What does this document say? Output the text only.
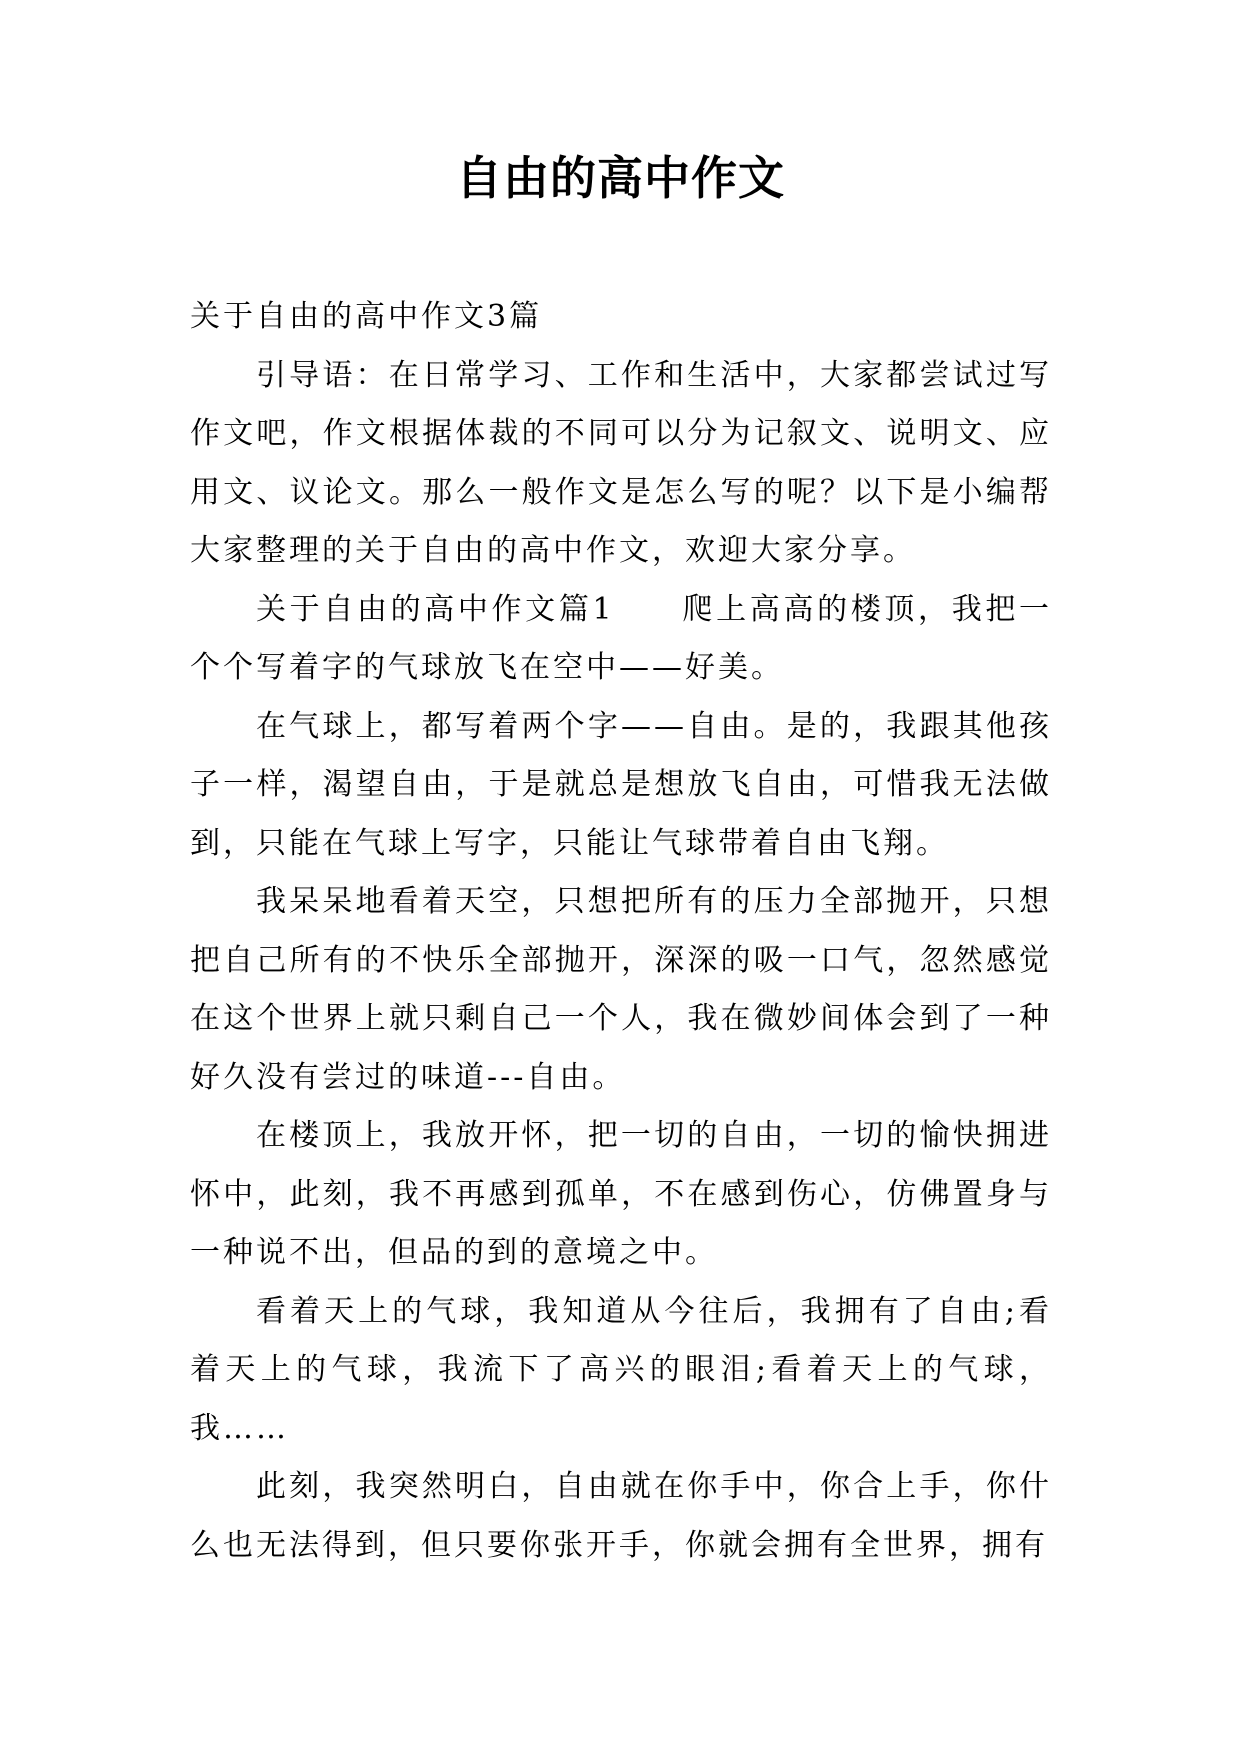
自由的高中作文

关于自由的高中作文3篇

引导语：在日常学习、工作和生活中，大家都尝试过写作文吧，作文根据体裁的不同可以分为记叙文、说明文、应用文、议论文。那么一般作文是怎么写的呢？以下是小编帮大家整理的关于自由的高中作文，欢迎大家分享。

关于自由的高中作文篇1　　爬上高高的楼顶，我把一个个写着字的气球放飞在空中——好美。

在气球上，都写着两个字——自由。是的，我跟其他孩子一样，渴望自由，于是就总是想放飞自由，可惜我无法做到，只能在气球上写字，只能让气球带着自由飞翔。

我呆呆地看着天空，只想把所有的压力全部抛开，只想把自己所有的不快乐全部抛开，深深的吸一口气，忽然感觉在这个世界上就只剩自己一个人，我在微妙间体会到了一种好久没有尝过的味道---自由。

在楼顶上，我放开怀，把一切的自由，一切的愉快拥进怀中，此刻，我不再感到孤单，不在感到伤心，仿佛置身与一种说不出，但品的到的意境之中。

看着天上的气球，我知道从今往后，我拥有了自由;看着天上的气球，我流下了高兴的眼泪;看着天上的气球，我……

此刻，我突然明白，自由就在你手中，你合上手，你什么也无法得到，但只要你张开手，你就会拥有全世界，拥有
